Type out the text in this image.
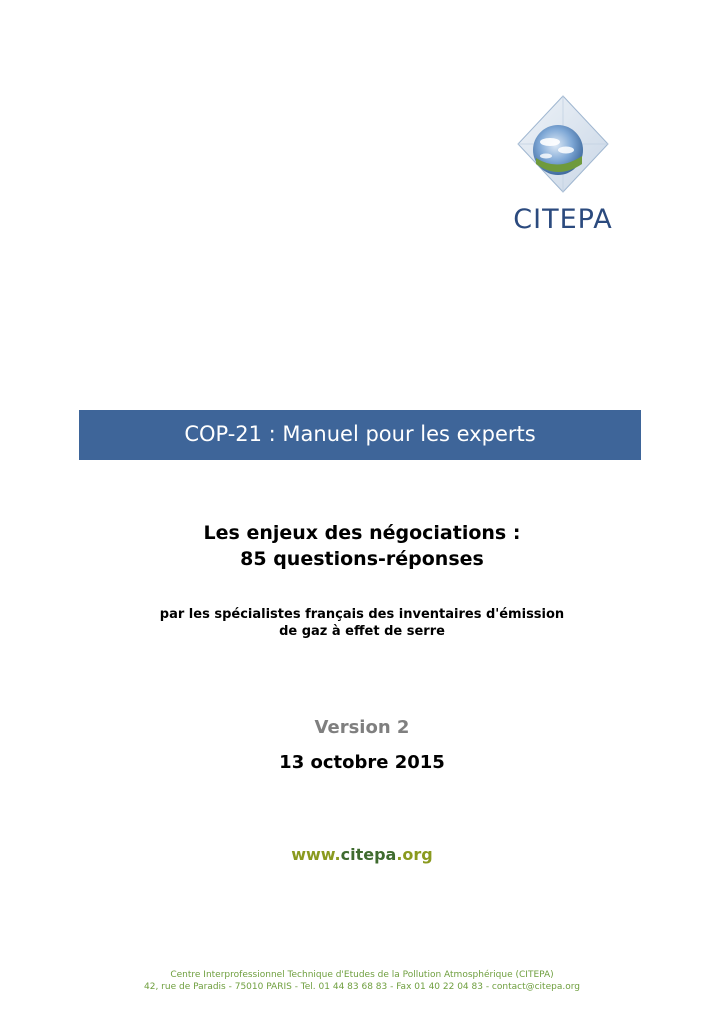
CITEPA
COP-21 : Manuel pour les experts
Les enjeux des négociations :
85 questions-réponses
par les spécialistes français des inventaires d'émission
de gaz à effet de serre
Version 2
13 octobre 2015
www.citepa.org
Centre Interprofessionnel Technique d'Etudes de la Pollution Atmosphérique (CITEPA)
42, rue de Paradis - 75010 PARIS - Tel. 01 44 83 68 83 - Fax 01 40 22 04 83 - contact@citepa.org
